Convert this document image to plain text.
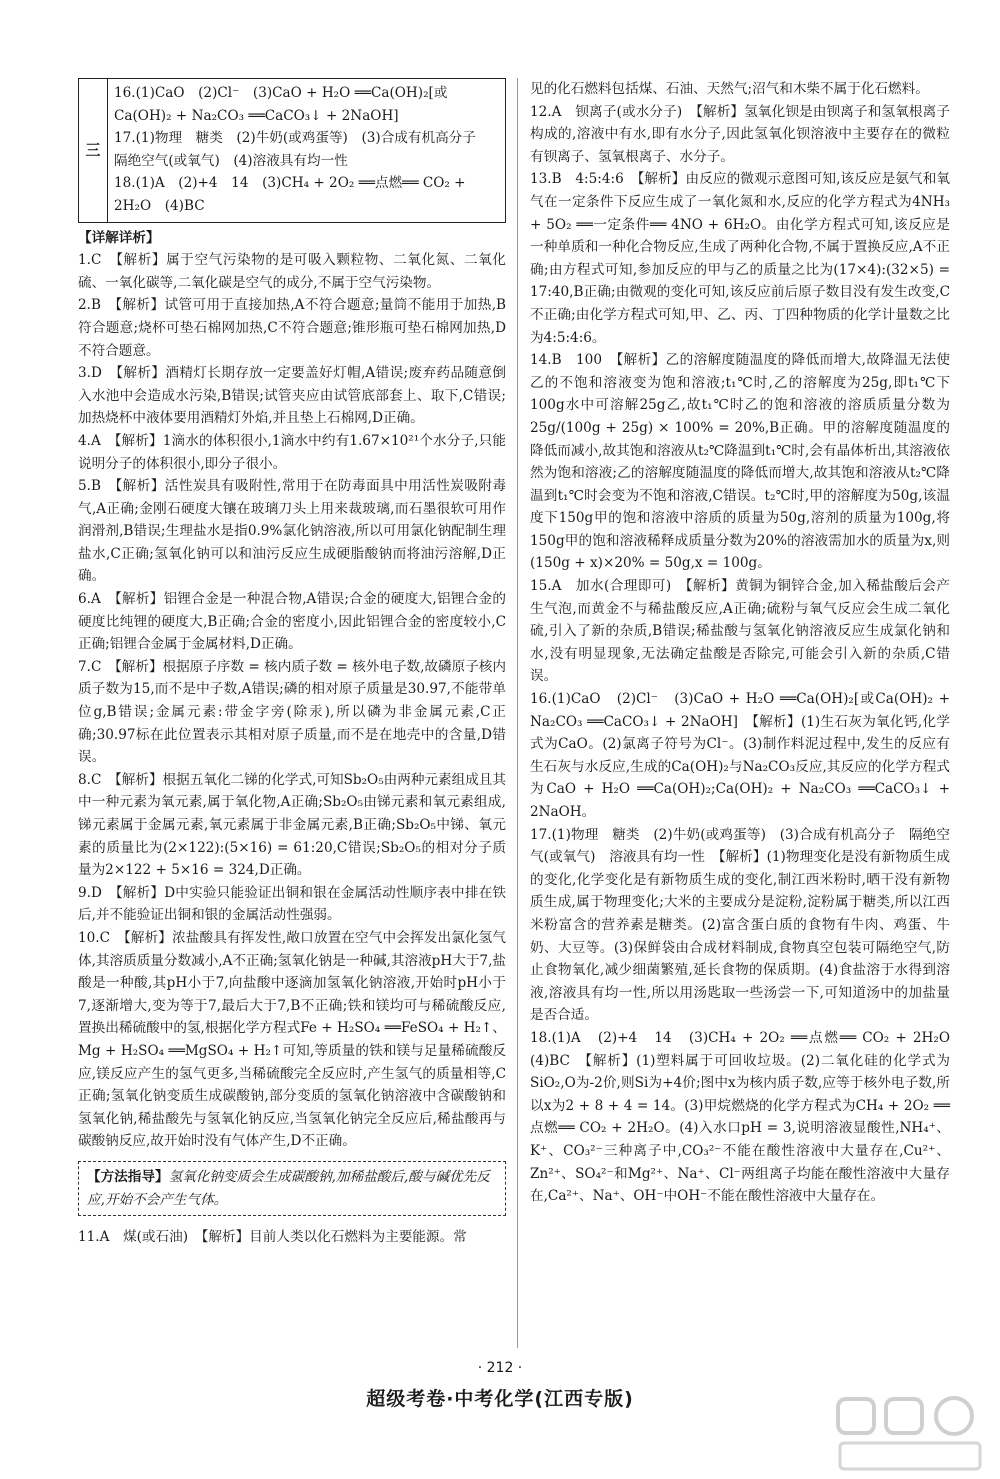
三

16.(1)CaO　(2)Cl⁻　(3)CaO + H₂O ══Ca(OH)₂[或Ca(OH)₂ + Na₂CO₃ ══CaCO₃↓ + 2NaOH]

17.(1)物理　糖类　(2)牛奶(或鸡蛋等)　(3)合成有机高分子　隔绝空气(或氧气)　(4)溶液具有均一性

18.(1)A　(2)+4　14　(3)CH₄ + 2O₂ ══点燃══ CO₂ + 2H₂O　(4)BC

【详解详析】

1.C　【解析】属于空气污染物的是可吸入颗粒物、二氧化氮、二氧化硫、一氧化碳等,二氧化碳是空气的成分,不属于空气污染物。

2.B　【解析】试管可用于直接加热,A不符合题意;量筒不能用于加热,B符合题意;烧杯可垫石棉网加热,C不符合题意;锥形瓶可垫石棉网加热,D不符合题意。

3.D　【解析】酒精灯长期存放一定要盖好灯帽,A错误;废弃药品随意倒入水池中会造成水污染,B错误;试管夹应由试管底部套上、取下,C错误;加热烧杯中液体要用酒精灯外焰,并且垫上石棉网,D正确。

4.A　【解析】1滴水的体积很小,1滴水中约有1.67×10²¹个水分子,只能说明分子的体积很小,即分子很小。

5.B　【解析】活性炭具有吸附性,常用于在防毒面具中用活性炭吸附毒气,A正确;金刚石硬度大镶在玻璃刀头上用来裁玻璃,而石墨很软可用作润滑剂,B错误;生理盐水是指0.9%氯化钠溶液,所以可用氯化钠配制生理盐水,C正确;氢氧化钠可以和油污反应生成硬脂酸钠而将油污溶解,D正确。

6.A　【解析】铝锂合金是一种混合物,A错误;合金的硬度大,铝锂合金的硬度比纯锂的硬度大,B正确;合金的密度小,因此铝锂合金的密度较小,C正确;铝锂合金属于金属材料,D正确。

7.C　【解析】根据原子序数 = 核内质子数 = 核外电子数,故磷原子核内质子数为15,而不是中子数,A错误;磷的相对原子质量是30.97,不能带单位g,B错误;金属元素:带金字旁(除汞),所以磷为非金属元素,C正确;30.97标在此位置表示其相对原子质量,而不是在地壳中的含量,D错误。

8.C　【解析】根据五氧化二锑的化学式,可知Sb₂O₅由两种元素组成且其中一种元素为氧元素,属于氧化物,A正确;Sb₂O₅由锑元素和氧元素组成,锑元素属于金属元素,氧元素属于非金属元素,B正确;Sb₂O₅中锑、氧元素的质量比为(2×122):(5×16) = 61:20,C错误;Sb₂O₅的相对分子质量为2×122 + 5×16 = 324,D正确。

9.D　【解析】D中实验只能验证出铜和银在金属活动性顺序表中排在铁后,并不能验证出铜和银的金属活动性强弱。

10.C　【解析】浓盐酸具有挥发性,敞口放置在空气中会挥发出氯化氢气体,其溶质质量分数减小,A不正确;氢氧化钠是一种碱,其溶液pH大于7,盐酸是一种酸,其pH小于7,向盐酸中逐滴加氢氧化钠溶液,开始时pH小于7,逐渐增大,变为等于7,最后大于7,B不正确;铁和镁均可与稀硫酸反应,置换出稀硫酸中的氢,根据化学方程式Fe + H₂SO₄ ══FeSO₄ + H₂↑、Mg + H₂SO₄ ══MgSO₄ + H₂↑可知,等质量的铁和镁与足量稀硫酸反应,镁反应产生的氢气更多,当稀硫酸完全反应时,产生氢气的质量相等,C正确;氢氧化钠变质生成碳酸钠,部分变质的氢氧化钠溶液中含碳酸钠和氢氧化钠,稀盐酸先与氢氧化钠反应,当氢氧化钠完全反应后,稀盐酸再与碳酸钠反应,故开始时没有气体产生,D不正确。

【方法指导】氢氧化钠变质会生成碳酸钠,加稀盐酸后,酸与碱优先反应,开始不会产生气体。

11.A　煤(或石油)　【解析】目前人类以化石燃料为主要能源。常

见的化石燃料包括煤、石油、天然气;沼气和木柴不属于化石燃料。

12.A　钡离子(或水分子)　【解析】氢氧化钡是由钡离子和氢氧根离子构成的,溶液中有水,即有水分子,因此氢氧化钡溶液中主要存在的微粒有钡离子、氢氧根离子、水分子。

13.B　4:5:4:6　【解析】由反应的微观示意图可知,该反应是氨气和氧气在一定条件下反应生成了一氧化氮和水,反应的化学方程式为4NH₃ + 5O₂ ══一定条件══ 4NO + 6H₂O。由化学方程式可知,该反应是一种单质和一种化合物反应,生成了两种化合物,不属于置换反应,A不正确;由方程式可知,参加反应的甲与乙的质量之比为(17×4):(32×5) = 17:40,B正确;由微观的变化可知,该反应前后原子数目没有发生改变,C不正确;由化学方程式可知,甲、乙、丙、丁四种物质的化学计量数之比为4:5:4:6。

14.B　100　【解析】乙的溶解度随温度的降低而增大,故降温无法使乙的不饱和溶液变为饱和溶液;t₁℃时,乙的溶解度为25g,即t₁℃下100g水中可溶解25g乙,故t₁℃时乙的饱和溶液的溶质质量分数为 25g/(100g + 25g) × 100% = 20%,B正确。甲的溶解度随温度的降低而减小,故其饱和溶液从t₂℃降温到t₁℃时,会有晶体析出,其溶液依然为饱和溶液;乙的溶解度随温度的降低而增大,故其饱和溶液从t₂℃降温到t₁℃时会变为不饱和溶液,C错误。t₂℃时,甲的溶解度为50g,该温度下150g甲的饱和溶液中溶质的质量为50g,溶剂的质量为100g,将150g甲的饱和溶液稀释成质量分数为20%的溶液需加水的质量为x,则(150g + x)×20% = 50g,x = 100g。

15.A　加水(合理即可)　【解析】黄铜为铜锌合金,加入稀盐酸后会产生气泡,而黄金不与稀盐酸反应,A正确;硫粉与氧气反应会生成二氧化硫,引入了新的杂质,B错误;稀盐酸与氢氧化钠溶液反应生成氯化钠和水,没有明显现象,无法确定盐酸是否除完,可能会引入新的杂质,C错误。

16.(1)CaO　(2)Cl⁻　(3)CaO + H₂O ══Ca(OH)₂[或Ca(OH)₂ + Na₂CO₃ ══CaCO₃↓ + 2NaOH]　【解析】(1)生石灰为氧化钙,化学式为CaO。(2)氯离子符号为Cl⁻。(3)制作料泥过程中,发生的反应有生石灰与水反应,生成的Ca(OH)₂与Na₂CO₃反应,其反应的化学方程式为CaO + H₂O ══Ca(OH)₂;Ca(OH)₂ + Na₂CO₃ ══CaCO₃↓ + 2NaOH。

17.(1)物理　糖类　(2)牛奶(或鸡蛋等)　(3)合成有机高分子　隔绝空气(或氧气)　溶液具有均一性　【解析】(1)物理变化是没有新物质生成的变化,化学变化是有新物质生成的变化,制江西米粉时,晒干没有新物质生成,属于物理变化;大米的主要成分是淀粉,淀粉属于糖类,所以江西米粉富含的营养素是糖类。(2)富含蛋白质的食物有牛肉、鸡蛋、牛奶、大豆等。(3)保鲜袋由合成材料制成,食物真空包装可隔绝空气,防止食物氧化,减少细菌繁殖,延长食物的保质期。(4)食盐溶于水得到溶液,溶液具有均一性,所以用汤匙取一些汤尝一下,可知道汤中的加盐量是否合适。

18.(1)A　(2)+4　14　(3)CH₄ + 2O₂ ══点燃══ CO₂ + 2H₂O　(4)BC　【解析】(1)塑料属于可回收垃圾。(2)二氧化硅的化学式为SiO₂,O为-2价,则Si为+4价;图中x为核内质子数,应等于核外电子数,所以x为2 + 8 + 4 = 14。(3)甲烷燃烧的化学方程式为CH₄ + 2O₂ ══点燃══ CO₂ + 2H₂O。(4)入水口pH = 3,说明溶液显酸性,NH₄⁺、K⁺、CO₃²⁻三种离子中,CO₃²⁻不能在酸性溶液中大量存在,Cu²⁺、Zn²⁺、SO₄²⁻和Mg²⁺、Na⁺、Cl⁻两组离子均能在酸性溶液中大量存在,Ca²⁺、Na⁺、OH⁻中OH⁻不能在酸性溶液中大量存在。

· 212 ·
超级考卷·中考化学(江西专版)
